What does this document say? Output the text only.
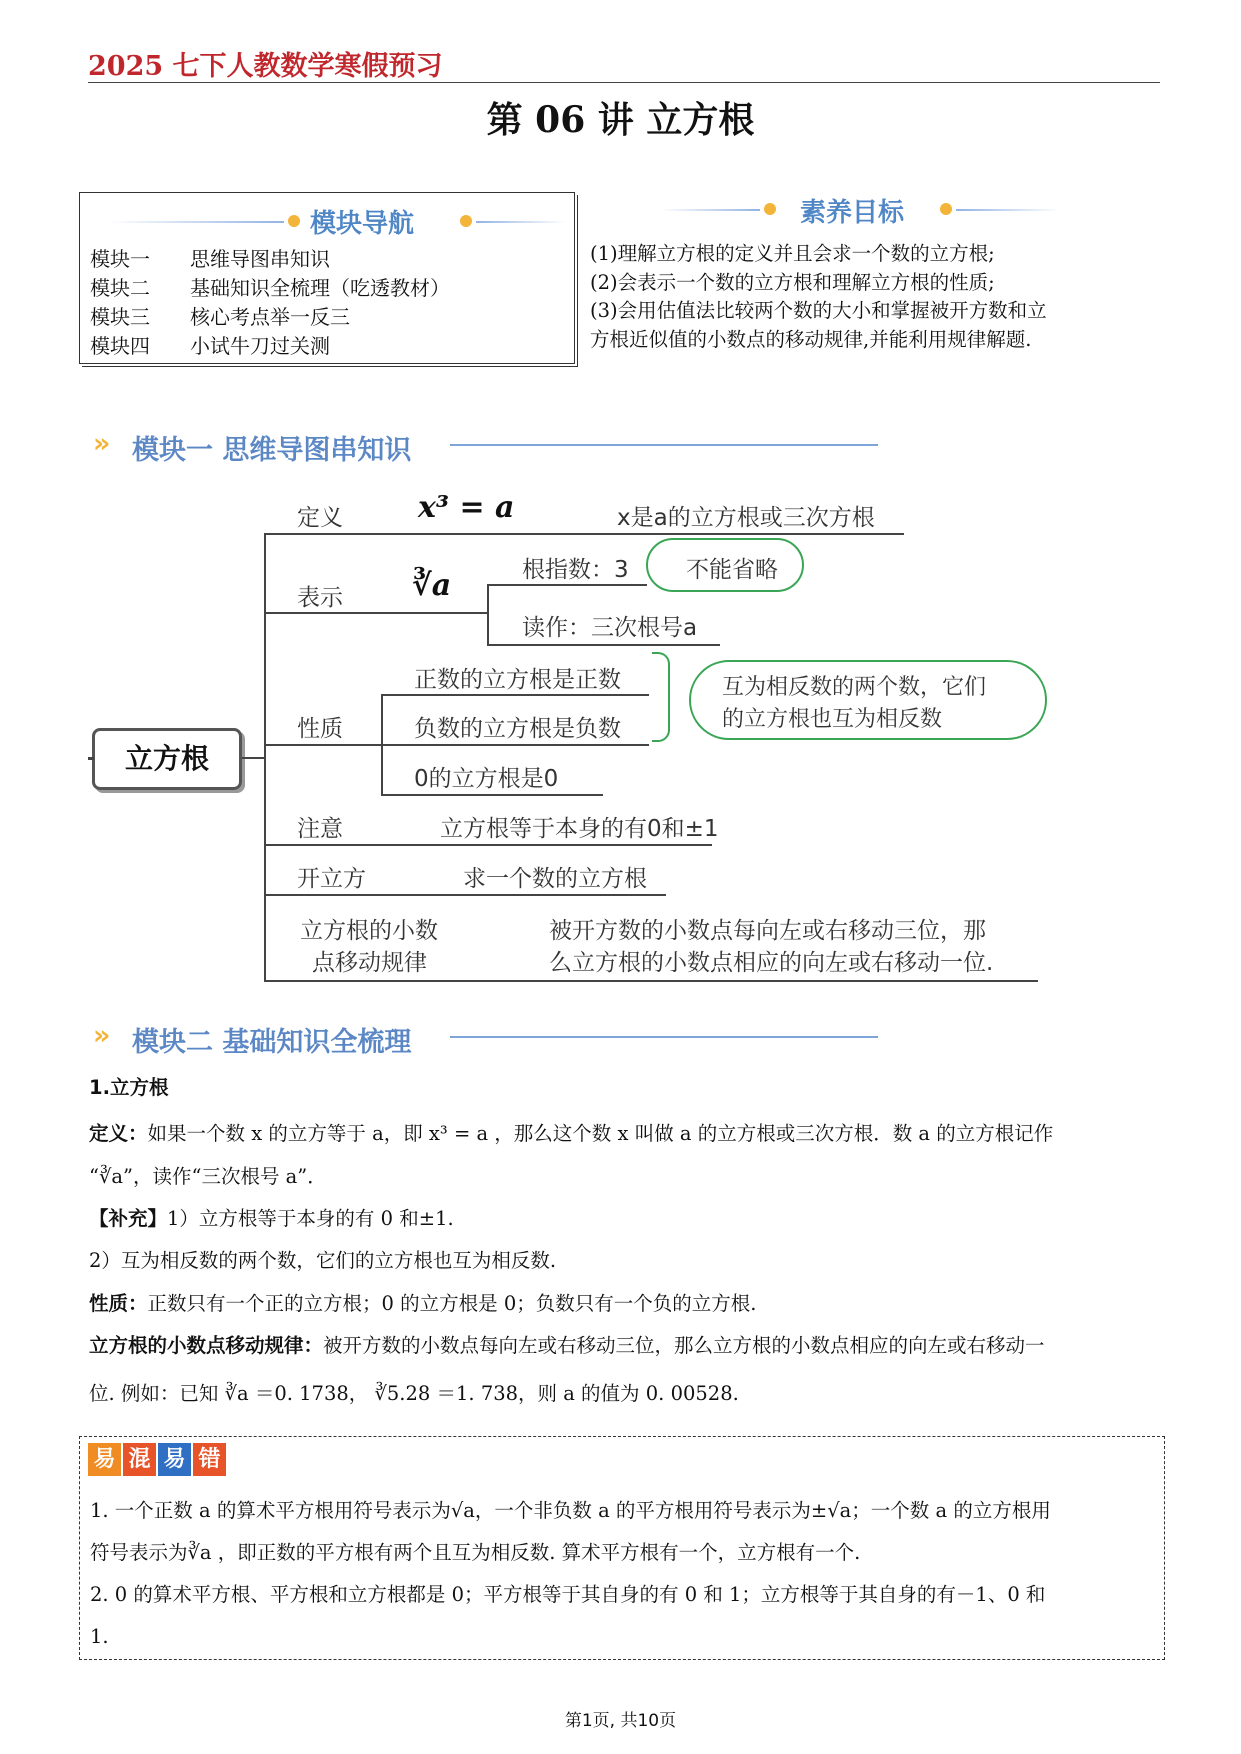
2025 七下人教数学寒假预习
第 06 讲 立方根
模块导航
模块一 思维导图串知识
模块二 基础知识全梳理（吃透教材）
模块三 核心考点举一反三
模块四 小试牛刀过关测
素养目标
(1)理解立方根的定义并且会求一个数的立方根;
(2)会表示一个数的立方根和理解立方根的性质;
(3)会用估值法比较两个数的大小和掌握被开方数和立
方根近似值的小数点的移动规律,并能利用规律解题.
» 模块一 思维导图串知识
立方根
定义	x³ = a	x是a的立方根或三次方根
表示 ∛a	根指数：3 不能省略
读作：三次根号a
性质
正数的立方根是正数
负数的立方根是负数
0的立方根是0
互为相反数的两个数，它们
的立方根也互为相反数
注意	立方根等于本身的有0和±1
开立方	求一个数的立方根
立方根的小数
点移动规律
被开方数的小数点每向左或右移动三位，那
么立方根的小数点相应的向左或右移动一位.
» 模块二 基础知识全梳理
1.立方根
定义：如果一个数 x 的立方等于 a，即 x³ = a ，那么这个数 x 叫做 a 的立方根或三次方根．数 a 的立方根记作
“∛a”，读作“三次根号 a”．
【补充】1）立方根等于本身的有 0 和±1.
2）互为相反数的两个数，它们的立方根也互为相反数.
性质：正数只有一个正的立方根；0 的立方根是 0；负数只有一个负的立方根.
立方根的小数点移动规律：被开方数的小数点每向左或右移动三位，那么立方根的小数点相应的向左或右移动一
位. 例如：已知 ∛a ＝0. 1738， ∛5.28 ＝1. 738，则 a 的值为 0. 00528.
易 混 易 错
1. 一个正数 a 的算术平方根用符号表示为√a，一个非负数 a 的平方根用符号表示为±√a；一个数 a 的立方根用
符号表示为∛a ，即正数的平方根有两个且互为相反数. 算术平方根有一个，立方根有一个.
2. 0 的算术平方根、平方根和立方根都是 0；平方根等于其自身的有 0 和 1；立方根等于其自身的有－1、0 和
1.
第1页, 共10页
